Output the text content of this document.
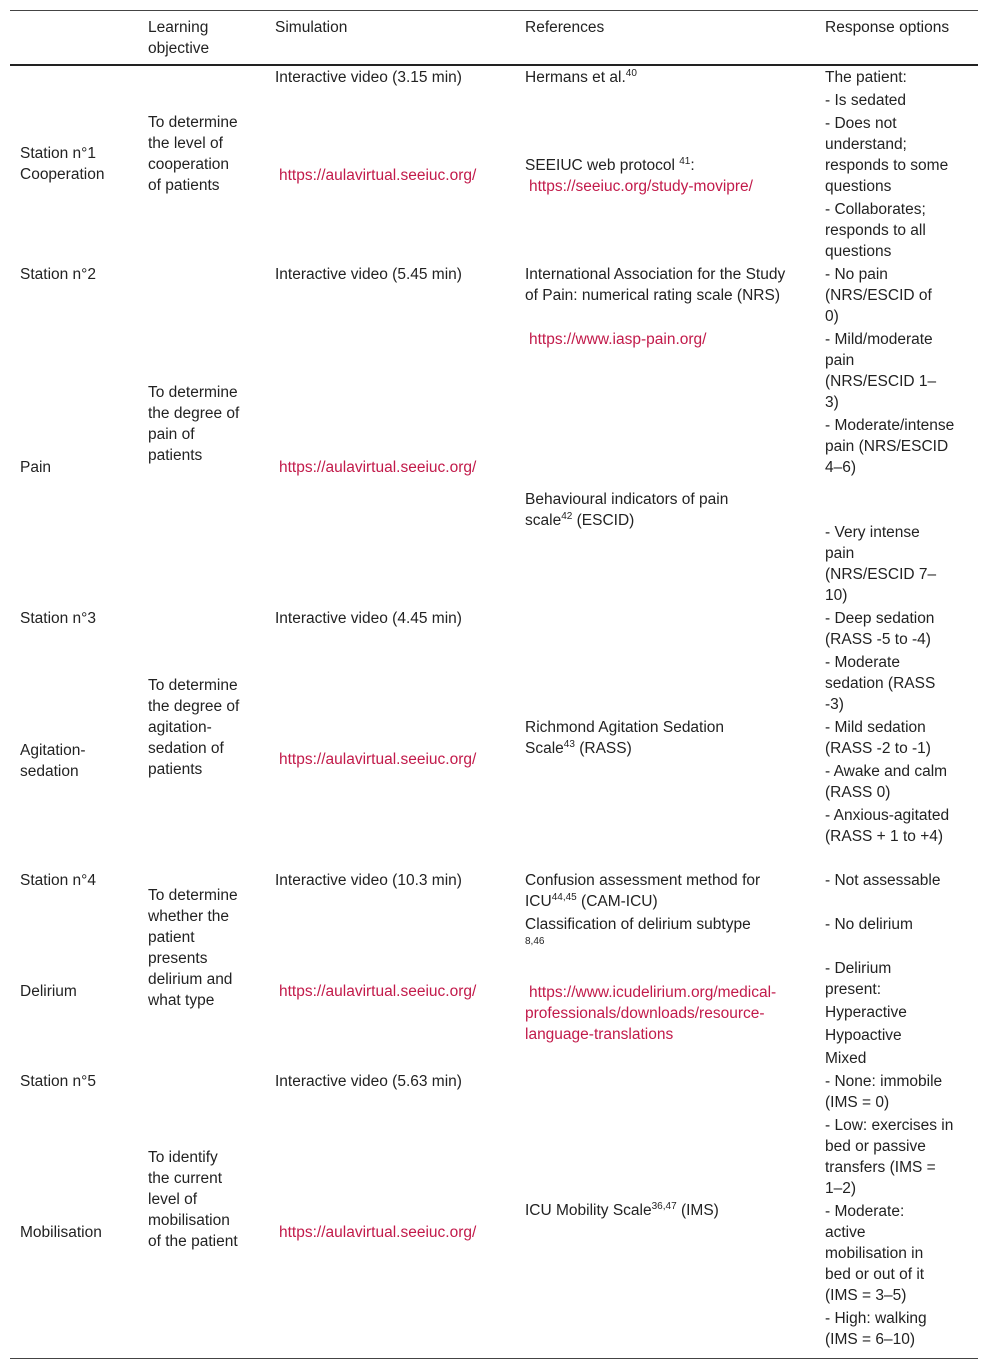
Learning objective
Simulation	References	Response options
Station n°1
Cooperation
To determine the level of cooperation of patients
Interactive video (3.15 min)
https://aulavirtual.seeiuc.org/
Hermans et al.$^{40}$
SEEIUC web protocol $^{41}$:
https://seeiuc.org/study-movipre/
The patient:
- Is sedated
- Does not understand; responds to some questions
- Collaborates; responds to all questions
Station n°2
Pain
To determine the degree of pain of patients
Interactive video (5.45 min)
https://aulavirtual.seeiuc.org/
International Association for the Study of Pain: numerical rating scale (NRS)
https://www.iasp-pain.org/
Behavioural indicators of pain scale$^{42}$ (ESCID)
- No pain (NRS/ESCID of 0)
- Mild/moderate pain (NRS/ESCID 1–3)
- Moderate/intense pain (NRS/ESCID 4–6)
- Very intense pain (NRS/ESCID 7–10)
Station n°3
Agitation-sedation
To determine the degree of agitation-sedation of patients
Interactive video (4.45 min)
https://aulavirtual.seeiuc.org/
Richmond Agitation Sedation Scale$^{43}$ (RASS)
- Deep sedation (RASS -5 to -4)
- Moderate sedation (RASS -3)
- Mild sedation (RASS -2 to -1)
- Awake and calm (RASS 0)
- Anxious-agitated (RASS + 1 to +4)
Station n°4
Delirium
To determine whether the patient presents delirium and what type
Interactive video (10.3 min)
https://aulavirtual.seeiuc.org/
Confusion assessment method for ICU$^{44,45}$ (CAM-ICU)
Classification of delirium subtype $^{8,46}$
https://www.icudelirium.org/medical-professionals/downloads/resource-language-translations
- Not assessable
- No delirium
- Delirium present:
Hyperactive
Hypoactive
Mixed
Station n°5
Mobilisation
To identify the current level of mobilisation of the patient
Interactive video (5.63 min)
https://aulavirtual.seeiuc.org/
ICU Mobility Scale$^{36,47}$ (IMS)
- None: immobile (IMS = 0)
- Low: exercises in bed or passive transfers (IMS = 1–2)
- Moderate: active mobilisation in bed or out of it (IMS = 3–5)
- High: walking (IMS = 6–10)
